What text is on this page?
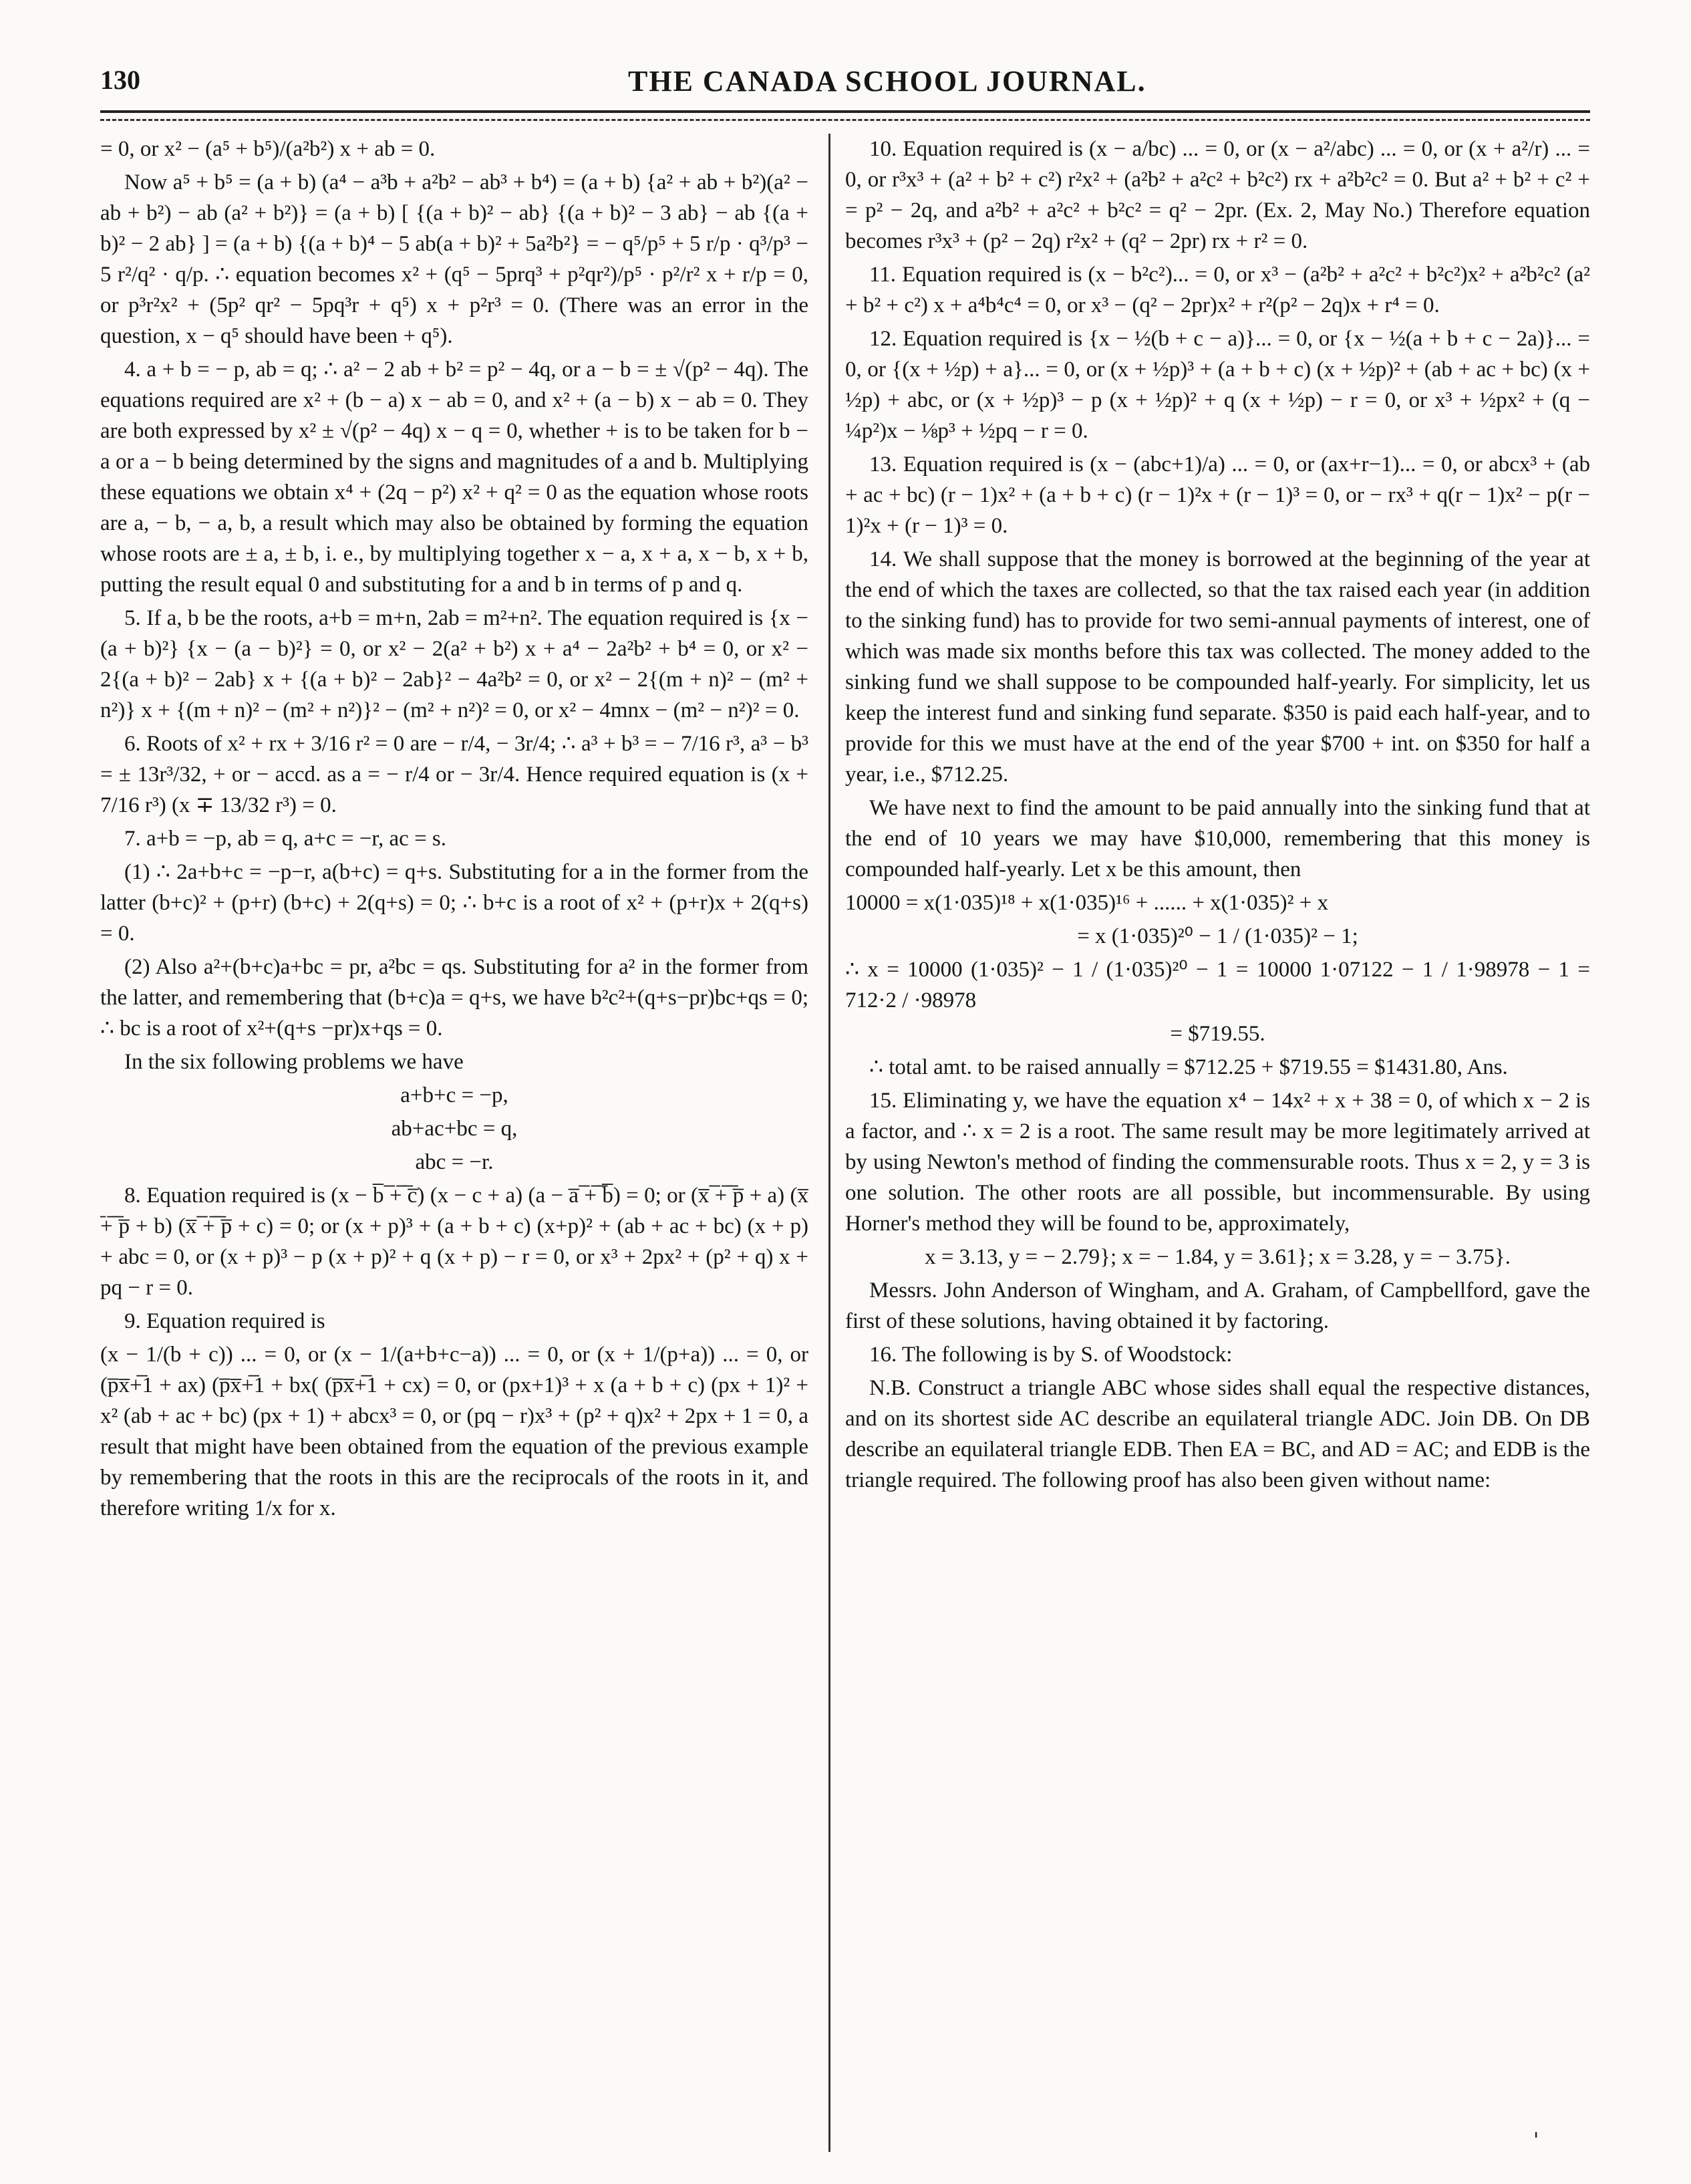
130	THE CANADA SCHOOL JOURNAL.

= 0, or x² − (a⁵ + b⁵)/(a²b²) x + ab = 0.

Now a⁵ + b⁵ = (a + b) (a⁴ − a³b + a²b² − ab³ + b⁴) = (a + b) {a² + ab + b²)(a² − ab + b²) − ab (a² + b²)} = (a + b) [ {(a + b)² − ab} {(a + b)² − 3 ab} − ab {(a + b)² − 2 ab} ] = (a + b) {(a + b)⁴ − 5 ab(a + b)² + 5a²b²} = − q⁵/p⁵ + 5 r/p · q³/p³ − 5 r²/q² · q/p. ∴ equation becomes x² + (q⁵ − 5prq³ + p²qr²)/p⁵ · p²/r² x + r/p = 0, or p³r²x² + (5p² qr² − 5pq³r + q⁵) x + p²r³ = 0. (There was an error in the question, x − q⁵ should have been + q⁵).

4. a + b = − p, ab = q; ∴ a² − 2 ab + b² = p² − 4q, or a − b = ± √(p² − 4q). The equations required are x² + (b − a) x − ab = 0, and x² + (a − b) x − ab = 0. They are both expressed by x² ± √(p² − 4q) x − q = 0, whether + is to be taken for b − a or a − b being determined by the signs and magnitudes of a and b. Multiplying these equations we obtain x⁴ + (2q − p²) x² + q² = 0 as the equation whose roots are a, − b, − a, b, a result which may also be obtained by forming the equation whose roots are ± a, ± b, i. e., by multiplying together x − a, x + a, x − b, x + b, putting the result equal 0 and substituting for a and b in terms of p and q.

5. If a, b be the roots, a+b = m+n, 2ab = m²+n². The equation required is {x − (a + b)²} {x − (a − b)²} = 0, or x² − 2(a² + b²) x + a⁴ − 2a²b² + b⁴ = 0, or x² − 2{(a + b)² − 2ab} x + {(a + b)² − 2ab}² − 4a²b² = 0, or x² − 2{(m + n)² − (m² + n²)} x + {(m + n)² − (m² + n²)}² − (m² + n²)² = 0, or x² − 4mnx − (m² − n²)² = 0.

6. Roots of x² + rx + 3/16 r² = 0 are − r/4, − 3r/4; ∴ a³ + b³ = − 7/16 r³, a³ − b³ = ± 13r³/32, + or − accd. as a = − r/4 or − 3r/4. Hence required equation is (x + 7/16 r³) (x ∓ 13/32 r³) = 0.

7. a+b = −p, ab = q, a+c = −r, ac = s.

(1) ∴ 2a+b+c = −p−r, a(b+c) = q+s. Substituting for a in the former from the latter (b+c)² + (p+r) (b+c) + 2(q+s) = 0; ∴ b+c is a root of x² + (p+r)x + 2(q+s) = 0.

(2) Also a²+(b+c)a+bc = pr, a²bc = qs. Substituting for a² in the former from the latter, and remembering that (b+c)a = q+s, we have b²c²+(q+s−pr)bc+qs = 0; ∴ bc is a root of x²+(q+s −pr)x+qs = 0.

In the six following problems we have

a+b+c = −p,

ab+ac+bc = q,

abc = −r.

8. Equation required is (x − b̅ ̅+̅ ̅c̅) (x − c + a) (a − a̅ ̅+̅ ̅b̅) = 0; or (x̅ ̅+̅ ̅p̅ + a) (x̅ ̅+̅ ̅p̅ + b) (x̅ ̅+̅ ̅p̅ + c) = 0; or (x + p)³ + (a + b + c) (x+p)² + (ab + ac + bc) (x + p) + abc = 0, or (x + p)³ − p (x + p)² + q (x + p) − r = 0, or x³ + 2px² + (p² + q) x + pq − r = 0.

9. Equation required is

(x − 1/(b + c)) ... = 0, or (x − 1/(a+b+c−a)) ... = 0, or (x + 1/(p+a)) ... = 0, or (p̅x̅+̅1 + ax) (p̅x̅+̅1 + bx( (p̅x̅+̅1 + cx) = 0, or (px+1)³ + x (a + b + c) (px + 1)² + x² (ab + ac + bc) (px + 1) + abcx³ = 0, or (pq − r)x³ + (p² + q)x² + 2px + 1 = 0, a result that might have been obtained from the equation of the previous example by remembering that the roots in this are the reciprocals of the roots in it, and therefore writing 1/x for x.

10. Equation required is (x − a/bc) ... = 0, or (x − a²/abc) ... = 0, or (x + a²/r) ... = 0, or r³x³ + (a² + b² + c²) r²x² + (a²b² + a²c² + b²c²) rx + a²b²c² = 0. But a² + b² + c² + = p² − 2q, and a²b² + a²c² + b²c² = q² − 2pr. (Ex. 2, May No.) Therefore equation becomes r³x³ + (p² − 2q) r²x² + (q² − 2pr) rx + r² = 0.

11. Equation required is (x − b²c²)... = 0, or x³ − (a²b² + a²c² + b²c²)x² + a²b²c² (a² + b² + c²) x + a⁴b⁴c⁴ = 0, or x³ − (q² − 2pr)x² + r²(p² − 2q)x + r⁴ = 0.

12. Equation required is {x − ½(b + c − a)}... = 0, or {x − ½(a + b + c − 2a)}... = 0, or {(x + ½p) + a}... = 0, or (x + ½p)³ + (a + b + c) (x + ½p)² + (ab + ac + bc) (x + ½p) + abc, or (x + ½p)³ − p (x + ½p)² + q (x + ½p) − r = 0, or x³ + ½px² + (q − ¼p²)x − ⅛p³ + ½pq − r = 0.

13. Equation required is (x − (abc+1)/a) ... = 0, or (ax+r−1)... = 0, or abcx³ + (ab + ac + bc) (r − 1)x² + (a + b + c) (r − 1)²x + (r − 1)³ = 0, or − rx³ + q(r − 1)x² − p(r − 1)²x + (r − 1)³ = 0.

14. We shall suppose that the money is borrowed at the beginning of the year at the end of which the taxes are collected, so that the tax raised each year (in addition to the sinking fund) has to provide for two semi-annual payments of interest, one of which was made six months before this tax was collected. The money added to the sinking fund we shall suppose to be compounded half-yearly. For simplicity, let us keep the interest fund and sinking fund separate. $350 is paid each half-year, and to provide for this we must have at the end of the year $700 + int. on $350 for half a year, i.e., $712.25.

We have next to find the amount to be paid annually into the sinking fund that at the end of 10 years we may have $10,000, remembering that this money is compounded half-yearly. Let x be this amount, then

10000 = x(1·035)¹⁸ + x(1·035)¹⁶ + ...... + x(1·035)² + x

= x (1·035)²⁰ − 1 / (1·035)² − 1;

∴ x = 10000 (1·035)² − 1 / (1·035)²⁰ − 1 = 10000 1·07122 − 1 / 1·98978 − 1 = 712·2 / ·98978

= $719.55.

∴ total amt. to be raised annually = $712.25 + $719.55 = $1431.80, Ans.

15. Eliminating y, we have the equation x⁴ − 14x² + x + 38 = 0, of which x − 2 is a factor, and ∴ x = 2 is a root. The same result may be more legitimately arrived at by using Newton's method of finding the commensurable roots. Thus x = 2, y = 3 is one solution. The other roots are all possible, but incommensurable. By using Horner's method they will be found to be, approximately,

x = 3.13, y = − 2.79}; x = − 1.84, y = 3.61}; x = 3.28, y = − 3.75}.

Messrs. John Anderson of Wingham, and A. Graham, of Campbellford, gave the first of these solutions, having obtained it by factoring.

16. The following is by S. of Woodstock:

N.B. Construct a triangle ABC whose sides shall equal the respective distances, and on its shortest side AC describe an equilateral triangle ADC. Join DB. On DB describe an equilateral triangle EDB. Then EA = BC, and AD = AC; and EDB is the triangle required. The following proof has also been given without name:

'
